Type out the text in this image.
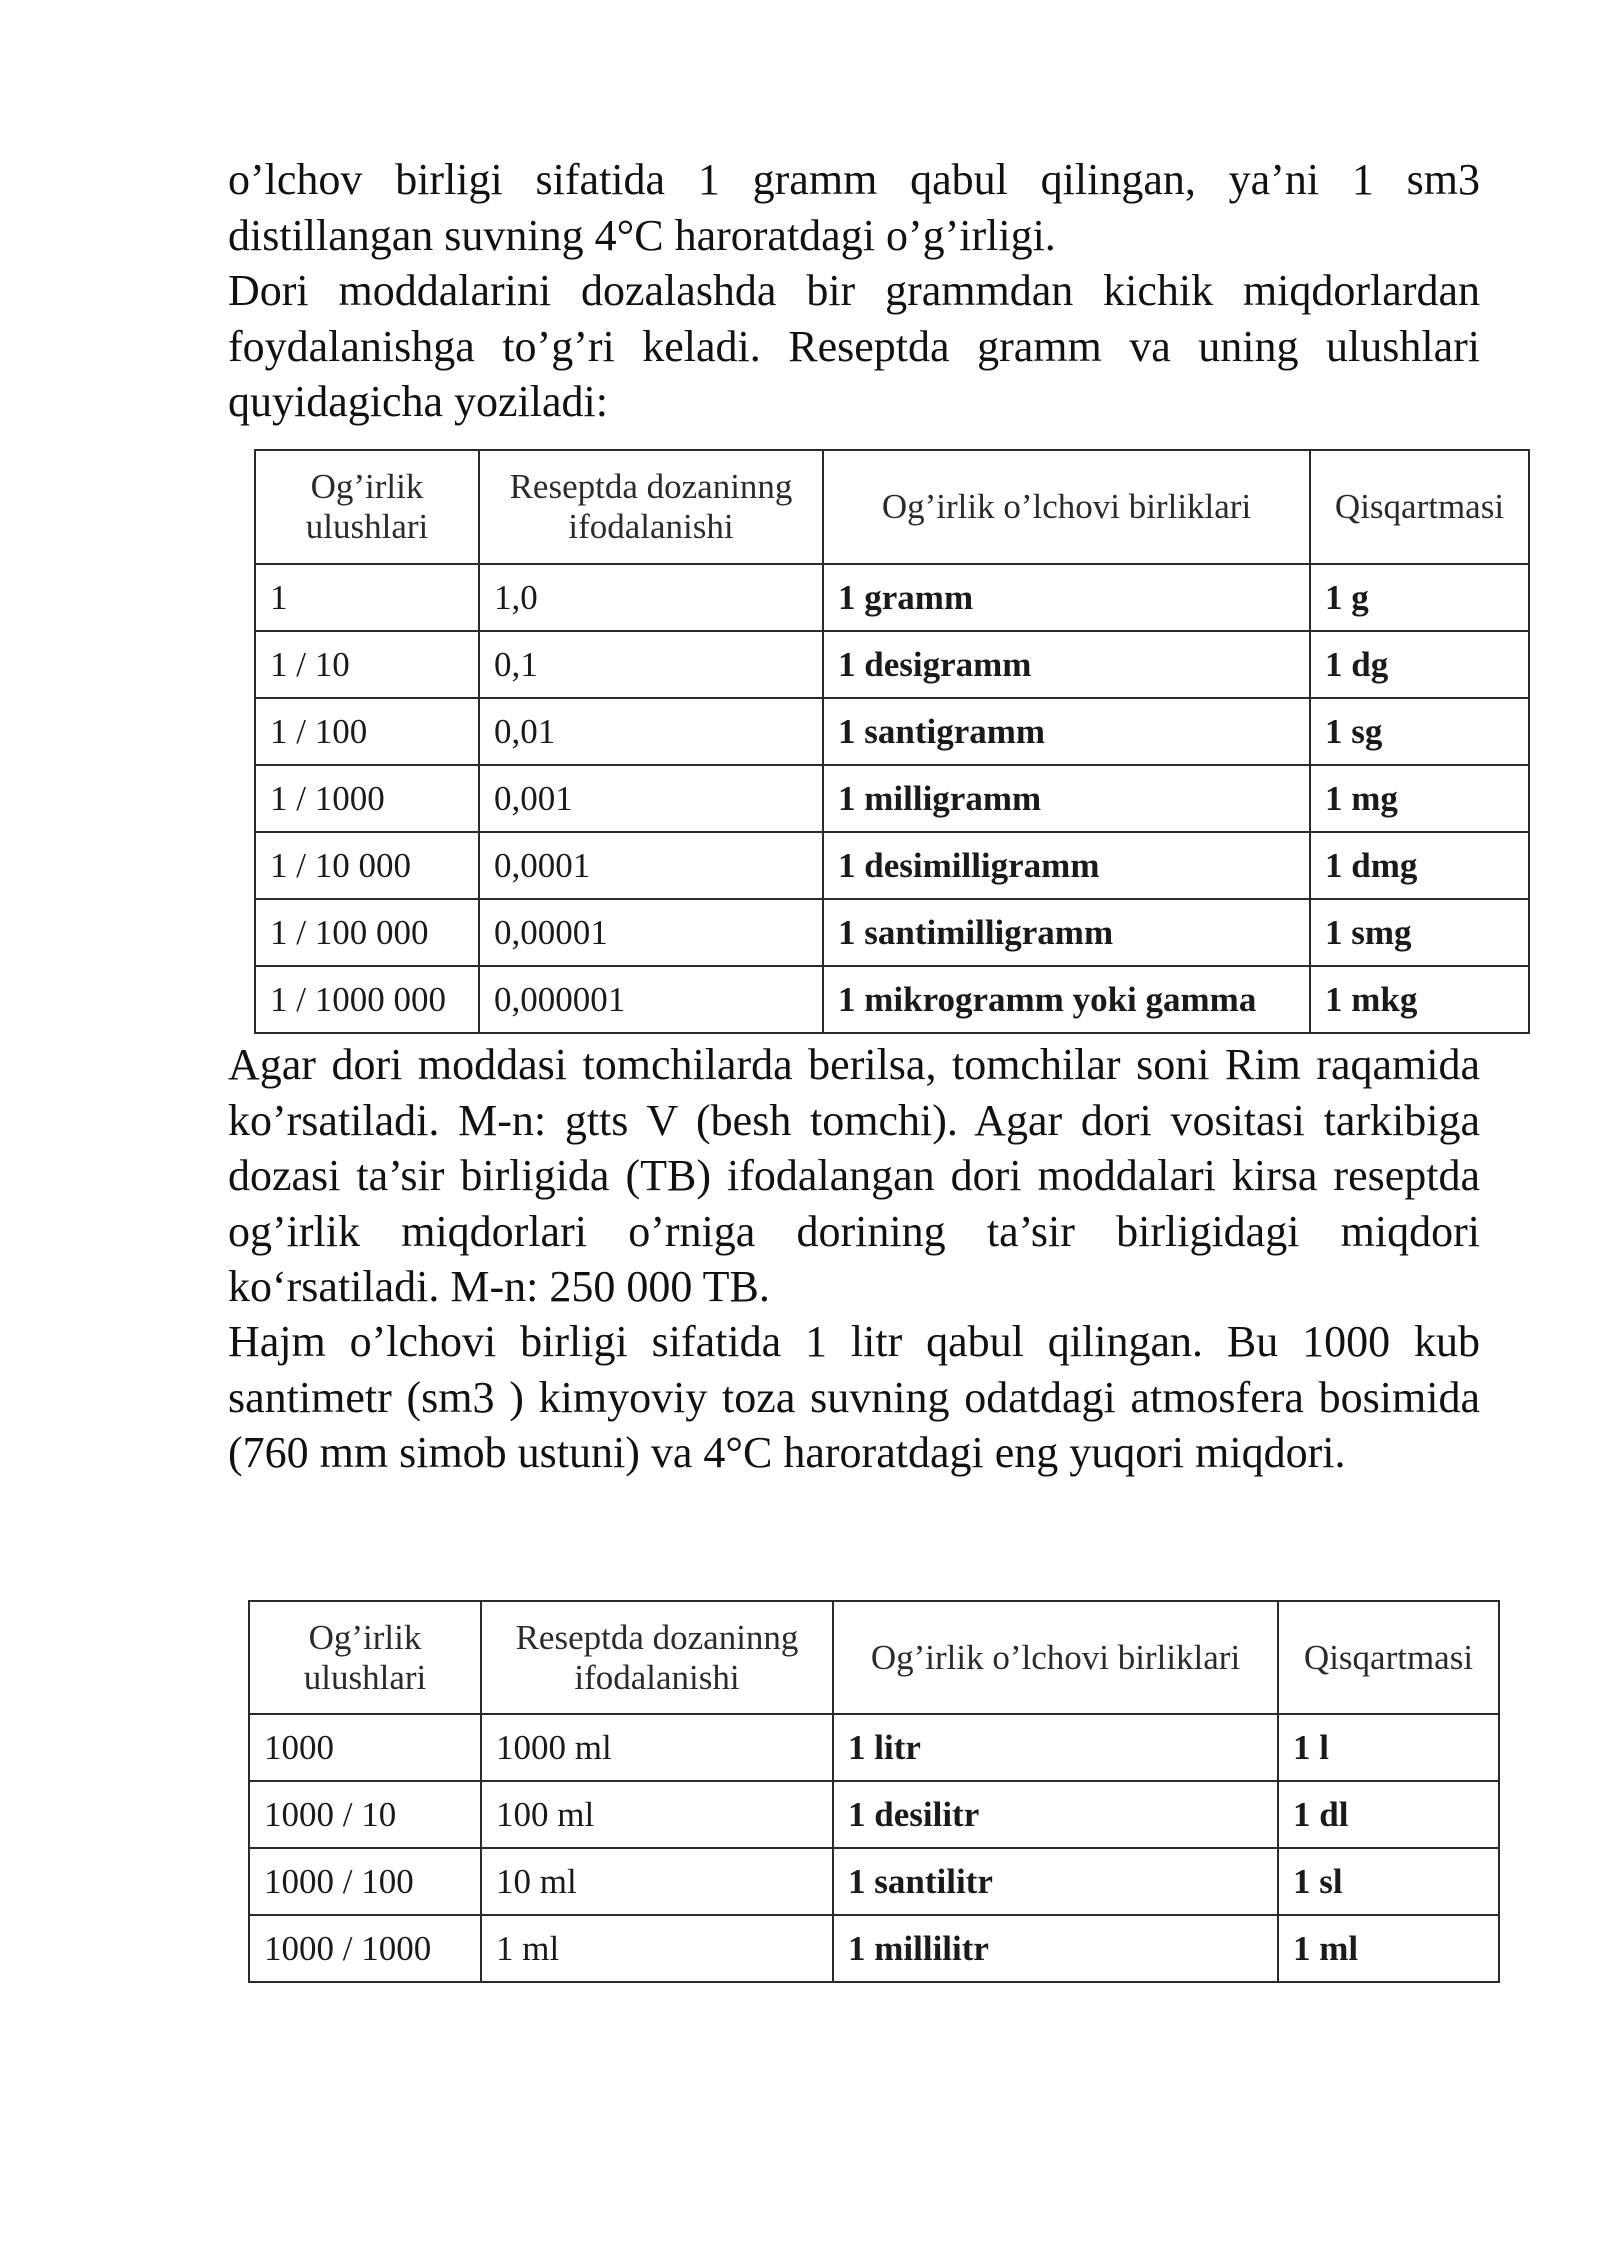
o’lchov birligi sifatida 1 gramm qabul qilingan, ya’ni 1 sm3 distillangan suvning 4°C haroratdagi o’g’irligi.

Dori moddalarini dozalashda bir grammdan kichik miqdorlardan foydalanishga to’g’ri keladi. Reseptda gramm va uning ulushlari quyidagicha yoziladi:

Og’irlik ulushlari	Reseptda dozaninng ifodalanishi	Og’irlik o’lchovi birliklari	Qisqartmasi
1	1,0	1 gramm	1 g
1 / 10	0,1	1 desigramm	1 dg
1 / 100	0,01	1 santigramm	1 sg
1 / 1000	0,001	1 milligramm	1 mg
1 / 10 000	0,0001	1 desimilligramm	1 dmg
1 / 100 000	0,00001	1 santimilligramm	1 smg
1 / 1000 000	0,000001	1 mikrogramm yoki gamma	1 mkg

Agar dori moddasi tomchilarda berilsa, tomchilar soni Rim raqamida ko’rsatiladi. M-n: gtts V (besh tomchi). Agar dori vositasi tarkibiga dozasi ta’sir birligida (TB) ifodalangan dori moddalari kirsa reseptda og’irlik miqdorlari o’rniga dorining ta’sir birligidagi miqdori ko‘rsatiladi. M-n: 250 000 TB.

Hajm o’lchovi birligi sifatida 1 litr qabul qilingan. Bu 1000 kub santimetr (sm3 ) kimyoviy toza suvning odatdagi atmosfera bosimida (760 mm simob ustuni) va 4°C haroratdagi eng yuqori miqdori.

Og’irlik ulushlari	Reseptda dozaninng ifodalanishi	Og’irlik o’lchovi birliklari	Qisqartmasi
1000	1000 ml	1 litr	1 l
1000 / 10	100 ml	1 desilitr	1 dl
1000 / 100	10 ml	1 santilitr	1 sl
1000 / 1000	1 ml	1 millilitr	1 ml
